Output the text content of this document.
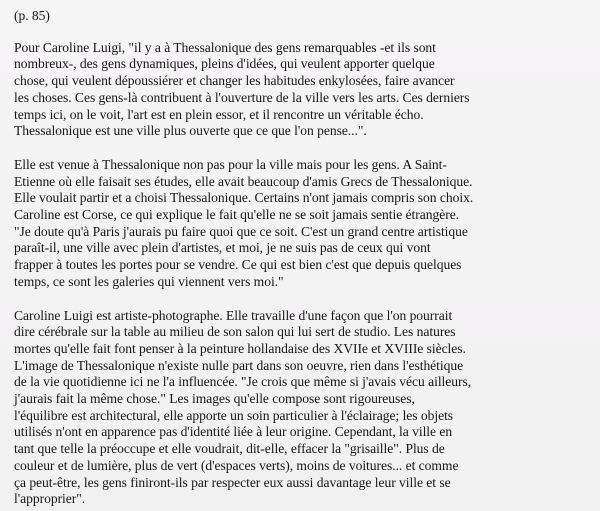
(p. 85)
Pour Caroline Luigi, "il y a à Thessalonique des gens remarquables -et ils sont
nombreux-, des gens dynamiques, pleins d'idées, qui veulent apporter quelque
chose, qui veulent dépoussiérer et changer les habitudes enkylosées, faire avancer
les choses. Ces gens-là contribuent à l'ouverture de la ville vers les arts. Ces derniers
temps ici, on le voit, l'art est en plein essor, et il rencontre un véritable écho.
Thessalonique est une ville plus ouverte que ce que l'on pense...".
Elle est venue à Thessalonique non pas pour la ville mais pour les gens. A Saint-
Etienne où elle faisait ses études, elle avait beaucoup d'amis Grecs de Thessalonique.
Elle voulait partir et a choisi Thessalonique. Certains n'ont jamais compris son choix.
Caroline est Corse, ce qui explique le fait qu'elle ne se soit jamais sentie étrangère.
"Je doute qu'à Paris j'aurais pu faire quoi que ce soit. C'est un grand centre artistique
paraît-il, une ville avec plein d'artistes, et moi, je ne suis pas de ceux qui vont
frapper à toutes les portes pour se vendre. Ce qui est bien c'est que depuis quelques
temps, ce sont les galeries qui viennent vers moi."
Caroline Luigi est artiste-photographe. Elle travaille d'une façon que l'on pourrait
dire cérébrale sur la table au milieu de son salon qui lui sert de studio. Les natures
mortes qu'elle fait font penser à la peinture hollandaise des XVIIe et XVIIIe siècles.
L'image de Thessalonique n'existe nulle part dans son oeuvre, rien dans l'esthétique
de la vie quotidienne ici ne l'a influencée. "Je crois que même si j'avais vécu ailleurs,
j'aurais fait la même chose." Les images qu'elle compose sont rigoureuses,
l'équilibre est architectural, elle apporte un soin particulier à l'éclairage; les objets
utilisés n'ont en apparence pas d'identité liée à leur origine. Cependant, la ville en
tant que telle la préoccupe et elle voudrait, dit-elle, effacer la "grisaille". Plus de
couleur et de lumière, plus de vert (d'espaces verts), moins de voitures... et comme
ça peut-être, les gens finiront-ils par respecter eux aussi davantage leur ville et se
l'approprier".
